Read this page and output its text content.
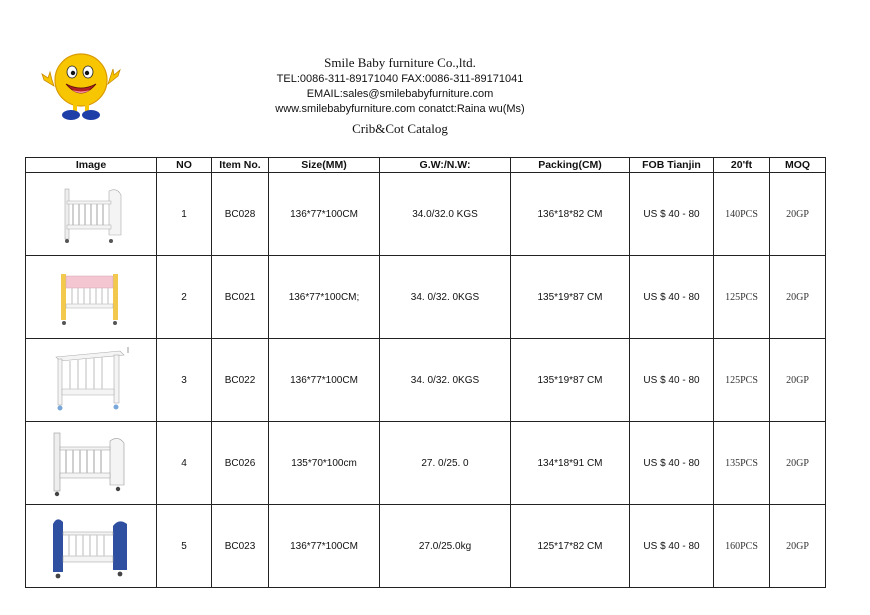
Smile Baby furniture Co.,ltd.
TEL:0086-311-89171040 FAX:0086-311-89171041
EMAIL:sales@smilebabyfurniture.com
www.smilebabyfurniture.com conatct:Raina wu(Ms)
Crib&Cot Catalog
Image	NO	Item No.	Size(MM)	G.W:/N.W:	Packing(CM)	FOB Tianjin	20'ft	MOQ

	1	BC028	136*77*100CM	34.0/32.0 KGS	136*18*82 CM	US $ 40 - 80	140PCS	20GP

	2	BC021	136*77*100CM;	34. 0/32. 0KGS	135*19*87 CM	US $ 40 - 80	125PCS	20GP

	3	BC022	136*77*100CM	34. 0/32. 0KGS	135*19*87 CM	US $ 40 - 80	125PCS	20GP

	4	BC026	135*70*100cm	27. 0/25. 0	134*18*91 CM	US $ 40 - 80	135PCS	20GP

	5	BC023	136*77*100CM	27.0/25.0kg	125*17*82 CM	US $ 40 - 80	160PCS	20GP
